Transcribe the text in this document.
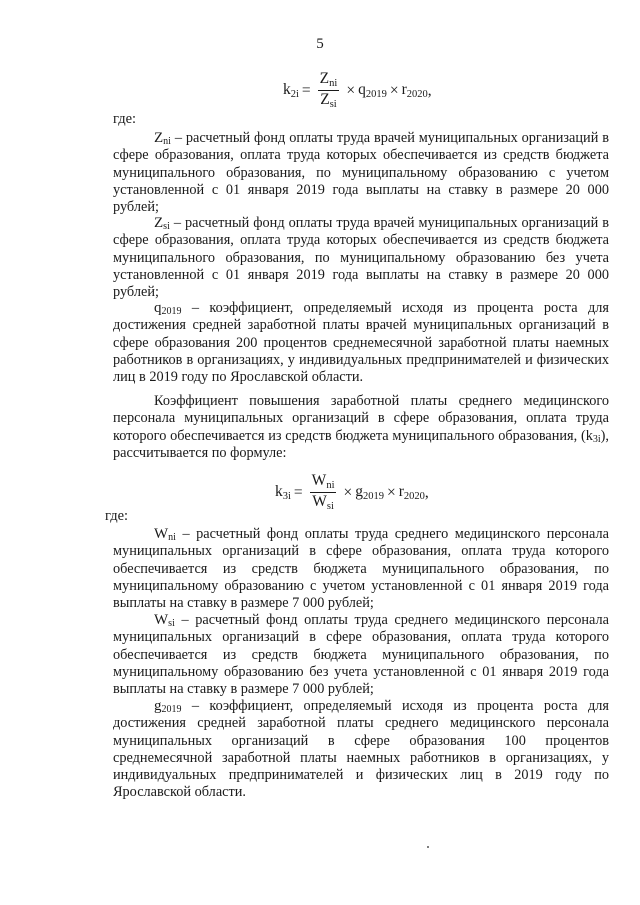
5
$k_{2i} = \frac{Z_{ni}}{Z_{si}} \times q_{2019} \times r_{2020}$ ,
где:

$Z_{ni}$ – расчетный фонд оплаты труда врачей муниципальных организаций в сфере образования, оплата труда которых обеспечивается из средств бюджета муниципального образования, по муниципальному образованию с учетом установленной с 01 января 2019 года выплаты на ставку в размере 20 000 рублей;

$Z_{si}$ – расчетный фонд оплаты труда врачей муниципальных организаций в сфере образования, оплата труда которых обеспечивается из средств бюджета муниципального образования, по муниципальному образованию без учета установленной с 01 января 2019 года выплаты на ставку в размере 20 000 рублей;

$q_{2019}$ – коэффициент, определяемый исходя из процента роста для достижения средней заработной платы врачей муниципальных организаций в сфере образования 200 процентов среднемесячной заработной платы наемных работников в организациях, у индивидуальных предпринимателей и физических лиц в 2019 году по Ярославской области.

Коэффициент повышения заработной платы среднего медицинского персонала муниципальных организаций в сфере образования, оплата труда которого обеспечивается из средств бюджета муниципального образования, $(k_{3i})$, рассчитывается по формуле:

$k_{3i} = \frac{W_{ni}}{W_{si}} \times g_{2019} \times r_{2020}$ ,
где:

$W_{ni}$ – расчетный фонд оплаты труда среднего медицинского персонала муниципальных организаций в сфере образования, оплата труда которого обеспечивается из средств бюджета муниципального образования, по муниципальному образованию с учетом установленной с 01 января 2019 года выплаты на ставку в размере 7 000 рублей;

$W_{si}$ – расчетный фонд оплаты труда среднего медицинского персонала муниципальных организаций в сфере образования, оплата труда которого обеспечивается из средств бюджета муниципального образования, по муниципальному образованию без учета установленной с 01 января 2019 года выплаты на ставку в размере 7 000 рублей;

$g_{2019}$ – коэффициент, определяемый исходя из процента роста для достижения средней заработной платы среднего медицинского персонала муниципальных организаций в сфере образования 100 процентов среднемесячной заработной платы наемных работников в организациях, у индивидуальных предпринимателей и физических лиц в 2019 году по Ярославской области.
